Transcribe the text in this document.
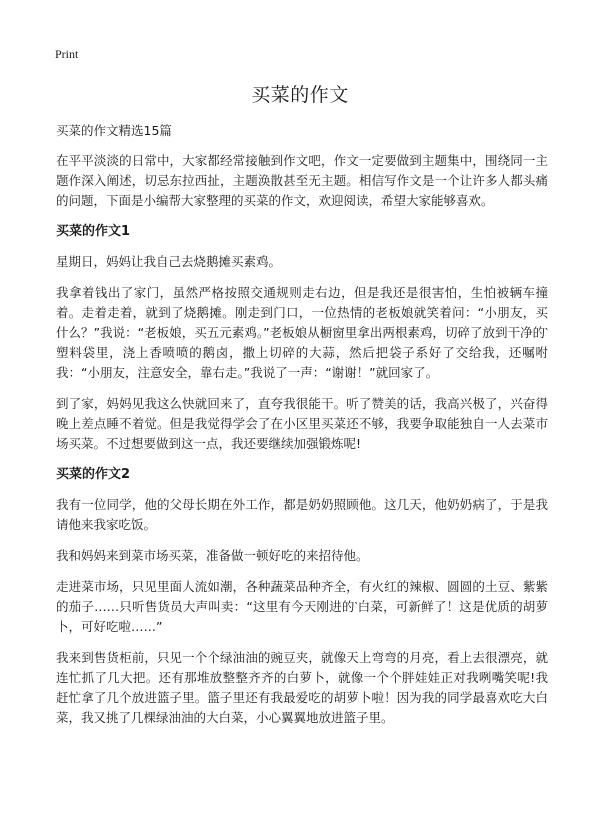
Print
买菜的作文

买菜的作文精选15篇

在平平淡淡的日常中，大家都经常接触到作文吧，作文一定要做到主题集中，围绕同一主题作深入阐述，切忌东拉西扯，主题涣散甚至无主题。相信写作文是一个让许多人都头痛的问题，下面是小编帮大家整理的买菜的作文，欢迎阅读，希望大家能够喜欢。

买菜的作文1

星期日，妈妈让我自己去烧鹅摊买素鸡。

我拿着钱出了家门，虽然严格按照交通规则走右边，但是我还是很害怕，生怕被辆车撞着。走着走着，就到了烧鹅摊。刚走到门口，一位热情的老板娘就笑着问：“小朋友，买什么？”我说：“老板娘，买五元素鸡。”老板娘从橱窗里拿出两根素鸡，切碎了放到干净的‵塑料袋里，浇上香喷喷的鹅卤，撒上切碎的大蒜，然后把袋子系好了交给我，还嘱咐我：“小朋友，注意安全，靠右走。”我说了一声：“谢谢！”就回家了。

到了家，妈妈见我这么快就回来了，直夸我很能干。听了赞美的话，我高兴极了，兴奋得晚上差点睡不着觉。但是我觉得学会了在小区里买菜还不够，我要争取能独自一人去菜市场买菜。不过想要做到这一点，我还要继续加强锻炼呢!

买菜的作文2

我有一位同学，他的父母长期在外工作，都是奶奶照顾他。这几天，他奶奶病了，于是我请他来我家吃饭。

我和妈妈来到菜市场买菜，准备做一顿好吃的来招待他。

走进菜市场，只见里面人流如潮，各种蔬菜品种齐全，有火红的辣椒、圆圆的土豆、紫紫的茄子……只听售货员大声叫卖：“这里有今天刚进的‵白菜，可新鲜了！这是优质的胡萝卜，可好吃啦……”

我来到售货柜前，只见一个个绿油油的豌豆夹，就像天上弯弯的月亮，看上去很漂亮，就连忙抓了几大把。还有那堆放整整齐齐的白萝卜，就像一个个胖娃娃正对我咧嘴笑呢!我赶忙拿了几个放进篮子里。篮子里还有我最爱吃的胡萝卜啦！因为我的同学最喜欢吃大白菜，我又挑了几棵绿油油的大白菜，小心翼翼地放进篮子里。
